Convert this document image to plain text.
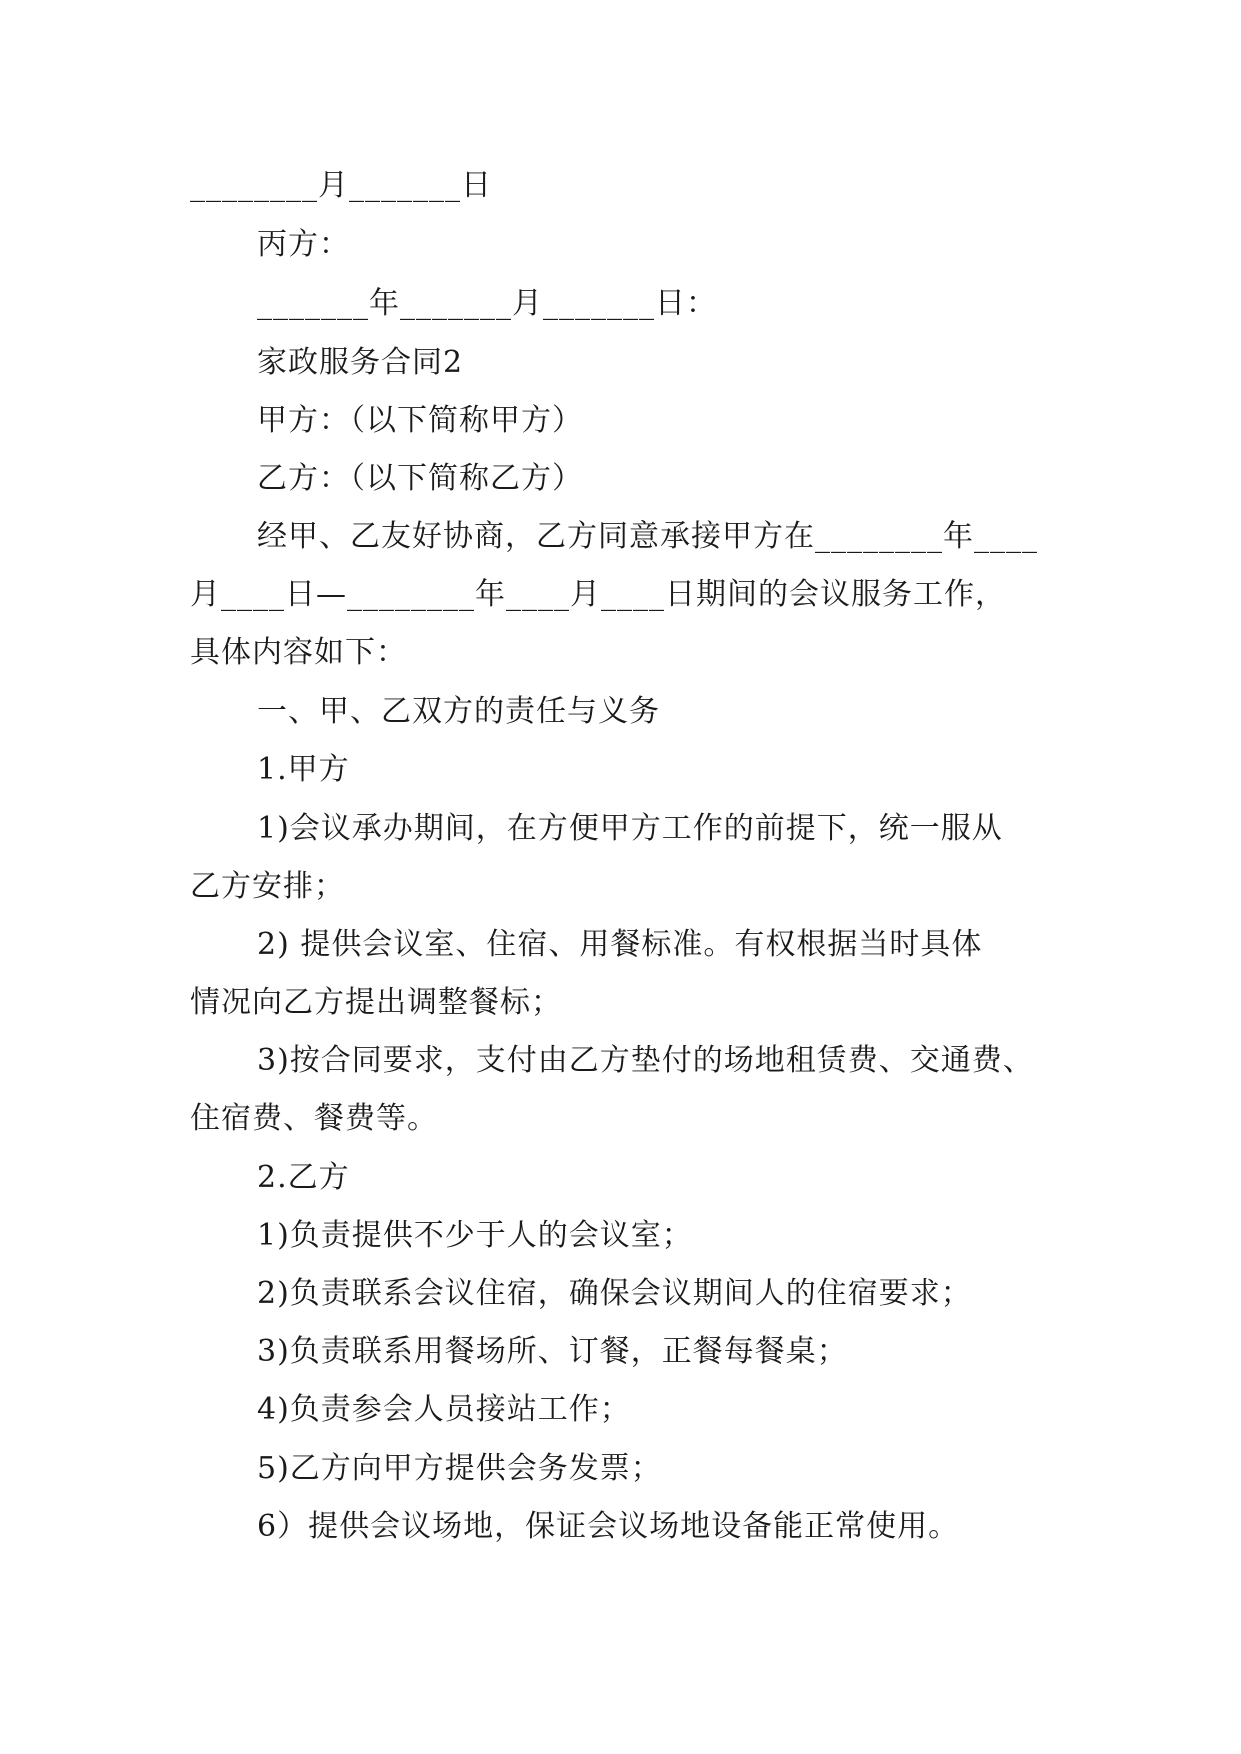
________月_______日
丙方：
_______年_______月_______日：
家政服务合同2
甲方：（以下简称甲方）
乙方：（以下简称乙方）
经甲、乙友好协商，乙方同意承接甲方在________年____
月____日—________年____月____日期间的会议服务工作，
具体内容如下：
一、甲、乙双方的责任与义务
1.甲方
1)会议承办期间，在方便甲方工作的前提下，统一服从
乙方安排；
2) 提供会议室、住宿、用餐标准。有权根据当时具体
情况向乙方提出调整餐标；
3)按合同要求，支付由乙方垫付的场地租赁费、交通费、
住宿费、餐费等。
2.乙方
1)负责提供不少于人的会议室；
2)负责联系会议住宿，确保会议期间人的住宿要求；
3)负责联系用餐场所、订餐，正餐每餐桌；
4)负责参会人员接站工作；
5)乙方向甲方提供会务发票；
6）提供会议场地，保证会议场地设备能正常使用。
